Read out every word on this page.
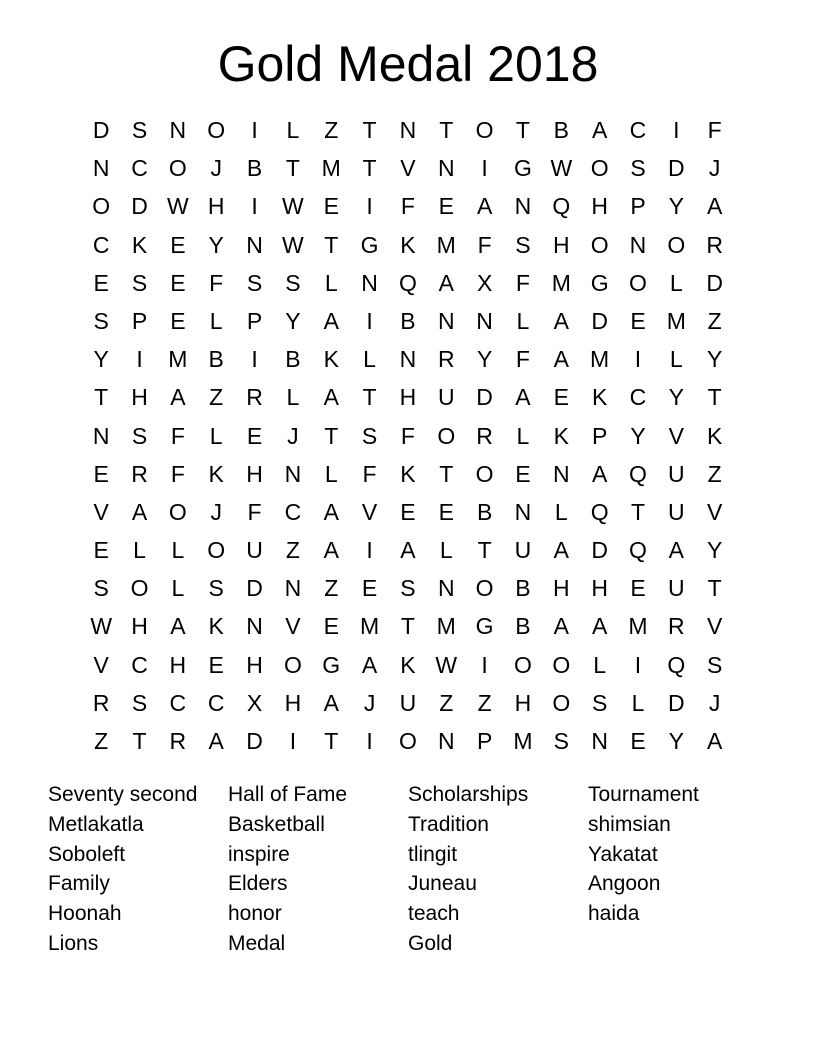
Gold Medal 2018
D S N O	I	L	Z	T	N	T O T	B	A C	I	F
N C O	J	B	T M T	V N	I	G W O S D	J
O D W H	I	W E	I	F	E	A N Q H P	Y	A
C K	E	Y N W T G K M F	S H O N O R
E	S	E	F	S	S	L	N Q A	X	F M G O	L	D
S	P	E	L	P	Y	A	I	B N N	L	A D E M Z
Y	I	M B	I	B	K	L	N R Y	F	A M	I	L	Y
T	H A	Z	R	L	A	T	H U D A	E	K C Y	T
N S	F	L	E	J	T	S	F O R	L	K	P	Y	V	K
E R	F	K H N	L	F	K	T O E N A Q U	Z
V	A O	J	F	C A	V	E	E	B N	L	Q T	U V
E	L	L	O U	Z	A	I	A	L	T	U A D Q A	Y
S O	L	S D N	Z	E	S N O B H H E U	T
W H A	K N V	E M T M G B	A	A M R V
V C H E H O G A	K W	I	O O	L	I	Q S
R S C C X H A	J	U	Z	Z	H O S	L	D	J
Z	T	R A D	I	T	I	O N P M S N E	Y	A
Seventy second
Metlakatla
Soboleft
Family
Hoonah
Lions
Hall of Fame
Basketball
inspire
Elders
honor
Medal
Scholarships
Tradition
tlingit
Juneau
teach
Gold
Tournament
shimsian
Yakatat
Angoon
haida
